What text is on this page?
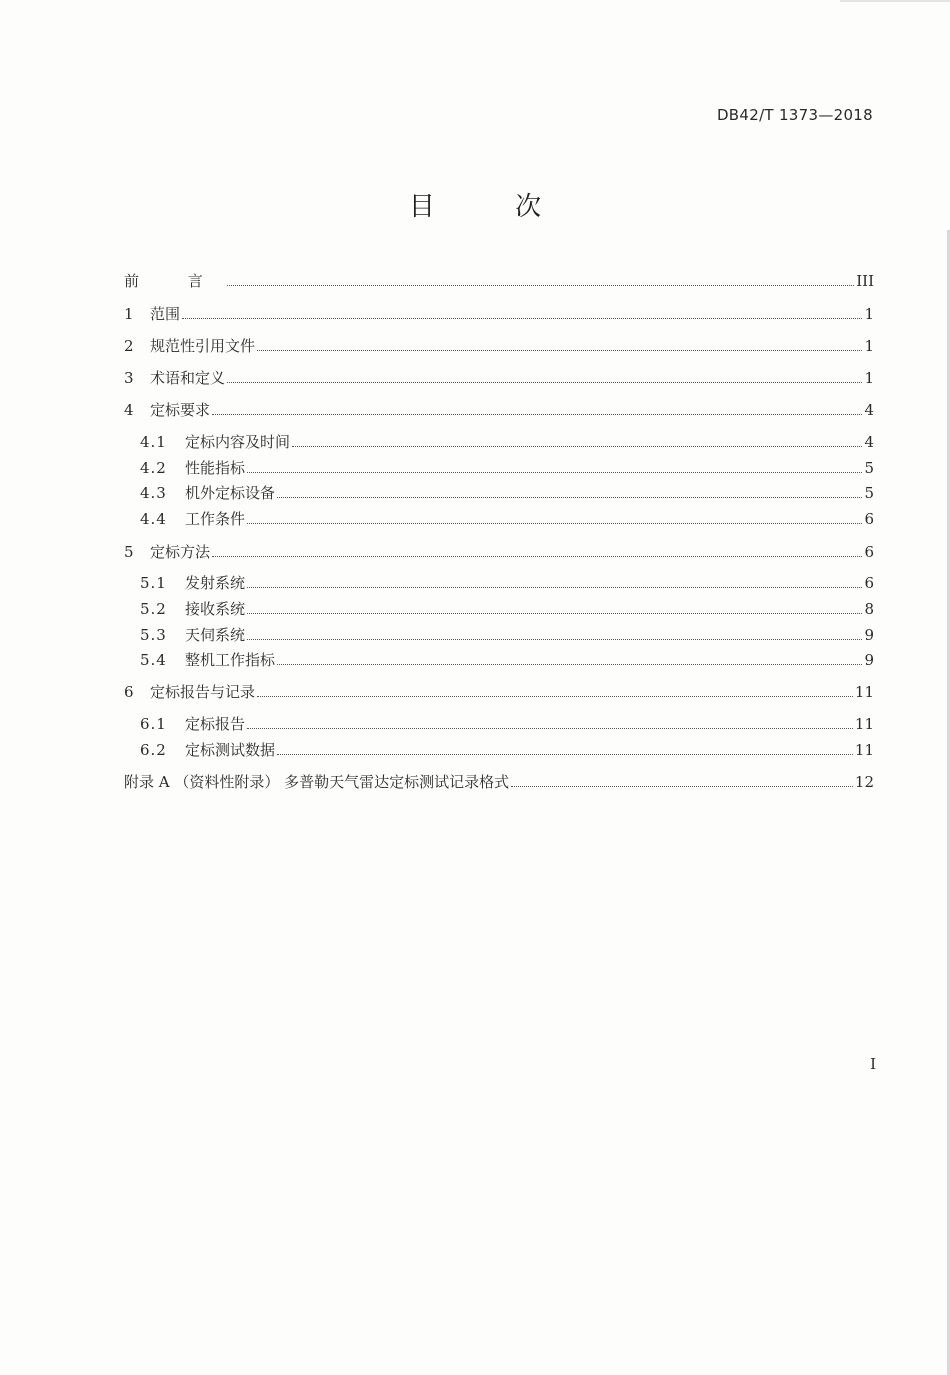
DB42/T 1373—2018
目 次
前 言	III
1	范围	1
2	规范性引用文件	1
3	术语和定义	1
4	定标要求	4
4.1	定标内容及时间	4
4.2	性能指标	5
4.3	机外定标设备	5
4.4	工作条件	6
5	定标方法	6
5.1	发射系统	6
5.2	接收系统	8
5.3	天伺系统	9
5.4	整机工作指标	9
6	定标报告与记录	11
6.1	定标报告	11
6.2	定标测试数据	11
附录 A （资料性附录） 多普勒天气雷达定标测试记录格式	12
I
